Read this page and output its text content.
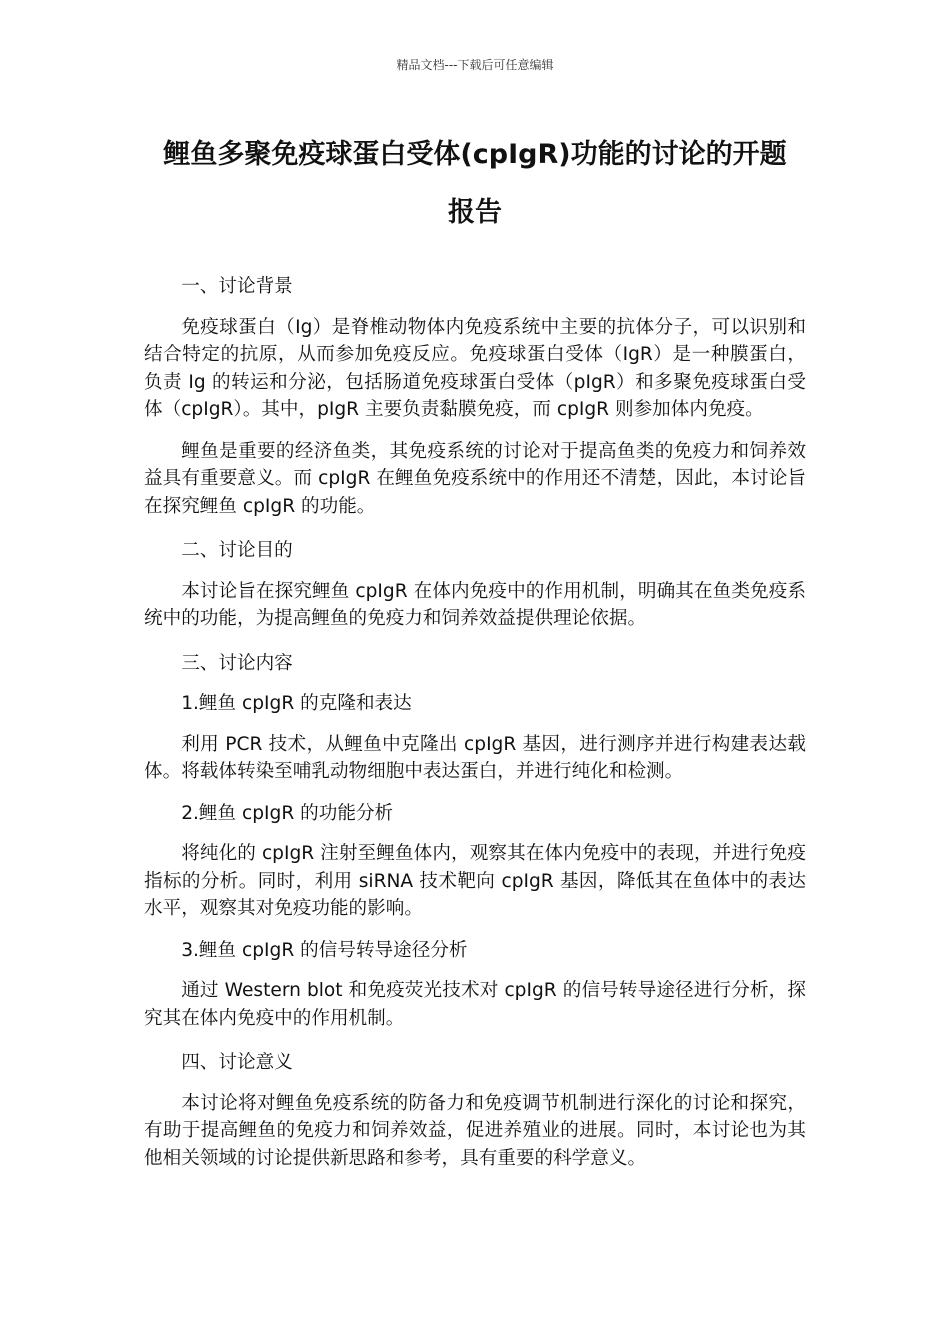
精品文档---下载后可任意编辑
鲤鱼多聚免疫球蛋白受体(cpIgR)功能的讨论的开题
报告

一、讨论背景

免疫球蛋白（Ig）是脊椎动物体内免疫系统中主要的抗体分子，可以识别和结合特定的抗原，从而参加免疫反应。免疫球蛋白受体（IgR）是一种膜蛋白，负责 Ig 的转运和分泌，包括肠道免疫球蛋白受体（pIgR）和多聚免疫球蛋白受体（cpIgR）。其中，pIgR 主要负责黏膜免疫，而 cpIgR 则参加体内免疫。

鲤鱼是重要的经济鱼类，其免疫系统的讨论对于提高鱼类的免疫力和饲养效益具有重要意义。而 cpIgR 在鲤鱼免疫系统中的作用还不清楚，因此，本讨论旨在探究鲤鱼 cpIgR 的功能。

二、讨论目的

本讨论旨在探究鲤鱼 cpIgR 在体内免疫中的作用机制，明确其在鱼类免疫系统中的功能，为提高鲤鱼的免疫力和饲养效益提供理论依据。

三、讨论内容

1.鲤鱼 cpIgR 的克隆和表达

利用 PCR 技术，从鲤鱼中克隆出 cpIgR 基因，进行测序并进行构建表达载体。将载体转染至哺乳动物细胞中表达蛋白，并进行纯化和检测。

2.鲤鱼 cpIgR 的功能分析

将纯化的 cpIgR 注射至鲤鱼体内，观察其在体内免疫中的表现，并进行免疫指标的分析。同时，利用 siRNA 技术靶向 cpIgR 基因，降低其在鱼体中的表达水平，观察其对免疫功能的影响。

3.鲤鱼 cpIgR 的信号转导途径分析

通过 Western blot 和免疫荧光技术对 cpIgR 的信号转导途径进行分析，探究其在体内免疫中的作用机制。

四、讨论意义

本讨论将对鲤鱼免疫系统的防备力和免疫调节机制进行深化的讨论和探究，有助于提高鲤鱼的免疫力和饲养效益，促进养殖业的进展。同时，本讨论也为其他相关领域的讨论提供新思路和参考，具有重要的科学意义。
